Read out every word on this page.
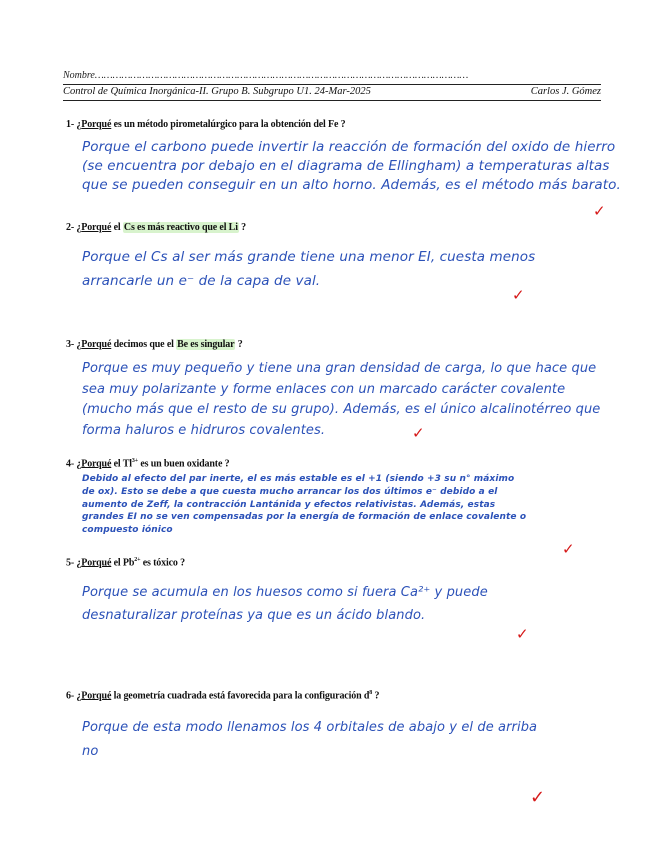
Nombre………………………………………………………………………………………………………………
Control de Química Inorgánica-II. Grupo B. Subgrupo U1. 24-Mar-2025	Carlos J. Gómez
1- ¿Porqué es un método pirometalúrgico para la obtención del Fe ?
Porque el carbono puede invertir la reacción de formación del oxido de hierro
(se encuentra por debajo en el diagrama de Ellingham) a temperaturas altas
que se pueden conseguir en un alto horno. Además, es el método más barato.
✓
2- ¿Porqué el Cs es más reactivo que el Li ?
Porque el Cs al ser más grande tiene una menor EI, cuesta menos
arrancarle un e⁻ de la capa de val.
✓
3- ¿Porqué decimos que el Be es singular ?
Porque es muy pequeño y tiene una gran densidad de carga, lo que hace que
sea muy polarizante y forme enlaces con un marcado carácter covalente
(mucho más que el resto de su grupo). Además, es el único alcalinotérreo que
forma haluros e hidruros covalentes.	✓
4- ¿Porqué el $Tl^{3+}$ es un buen oxidante ?
Debido al efecto del par inerte, el es más estable es el +1 (siendo +3 su n° máximo
de ox). Esto se debe a que cuesta mucho arrancar los dos últimos e⁻ debido a el
aumento de Zeff, la contracción Lantánida y efectos relativistas. Además, estas
grandes EI no se ven compensadas por la energía de formación de enlace covalente o
compuesto iónico
✓
5- ¿Porqué el $Pb^{2+}$ es tóxico ?
Porque se acumula en los huesos como si fuera Ca²⁺ y puede
desnaturalizar proteínas ya que es un ácido blando.
✓
6- ¿Porqué la geometría cuadrada está favorecida para la configuración $d^8$ ?
Porque de esta modo llenamos los 4 orbitales de abajo y el de arriba
no
✓
